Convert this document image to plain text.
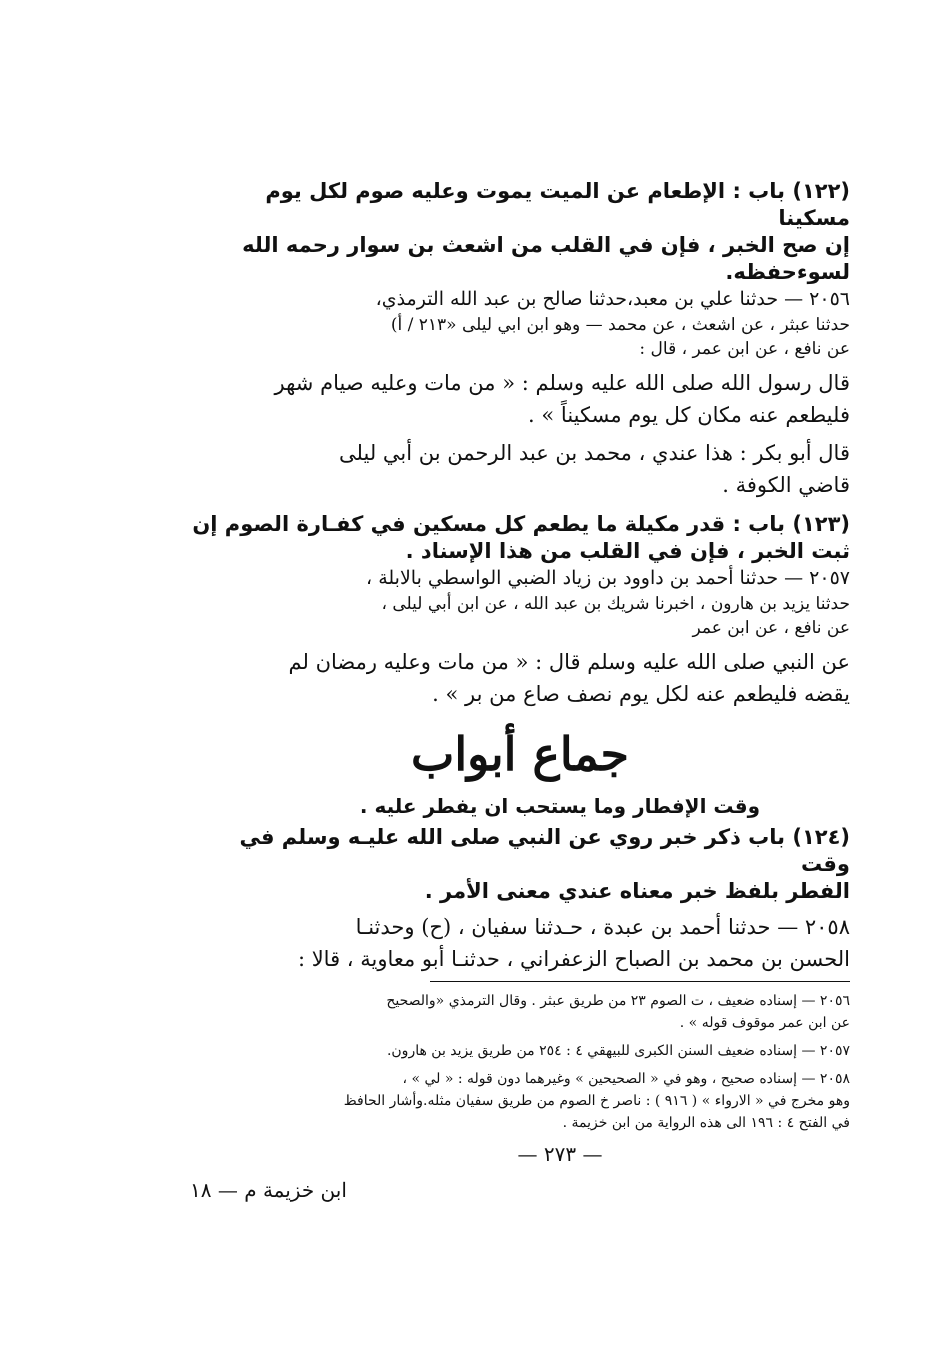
(١٢٢) باب : الإطعام عن الميت يموت وعليه صوم لكل يوم مسكينا

إن صح الخبر ، فإن في القلب من اشعث بن سوار رحمه الله لسوءحفظه.

٢٠٥٦ — حدثنا علي بن معبد،حدثنا صالح بن عبد الله الترمذي،

حدثنا عبثر ، عن اشعث ، عن محمد — وهو ابن ابي ليلى «٢١٣ / أ)

عن نافع ، عن ابن عمر ، قال :

قال رسول الله صلى الله عليه وسلم : « من مات وعليه صيام شهر

فليطعم عنه مكان كل يوم مسكيناً » .

قال أبو بكر : هذا عندي ، محمد بن عبد الرحمن بن أبي ليلى

قاضي الكوفة .

(١٢٣) باب : قدر مكيلة ما يطعم كل مسكين في كفـارة الصوم إن

ثبت الخبر ، فإن في القلب من هذا الإسناد .

٢٠٥٧ — حدثنا أحمد بن داوود بن زياد الضبي الواسطي بالابلة ،

حدثنا يزيد بن هارون ، اخبرنا شريك بن عبد الله ، عن ابن أبي ليلى ،

عن نافع ، عن ابن عمر

عن النبي صلى الله عليه وسلم قال : « من مات وعليه رمضان لم

يقضه فليطعم عنه لكل يوم نصف صاع من بر » .

جماع أبواب

وقت الإفطار وما يستحب ان يفطر عليه .

(١٢٤) باب ذكر خبر روي عن النبي صلى الله عليـه وسلم في وقت

الفطر بلفظ خبر معناه عندي معنى الأمر .

٢٠٥٨ — حدثنا أحمد بن عبدة ، حـدثنا سفيان ، (ح) وحدثنـا

الحسن بن محمد بن الصباح الزعفراني ، حدثنـا أبو معاوية ، قالا :

٢٠٥٦ — إسناده ضعيف ، ت الصوم ٢٣ من طريق عبثر . وقال الترمذي «والصحيح

عن ابن عمر موقوف قوله » .

٢٠٥٧ — إسناده ضعيف السنن الكبرى للبيهقي ٤ : ٢٥٤ من طريق يزيد بن هارون.

٢٠٥٨ — إسناده صحيح ، وهو في « الصحيحين » وغيرهما دون قوله : « لي » ،

وهو مخرج في « الارواء » ( ٩١٦ ) : ناصر خ الصوم من طريق سفيان مثله.وأشار الحافظ

في الفتح ٤ : ١٩٦ الى هذه الرواية من ابن خزيمة .

— ٢٧٣ —

ابن خزيمة م — ١٨
